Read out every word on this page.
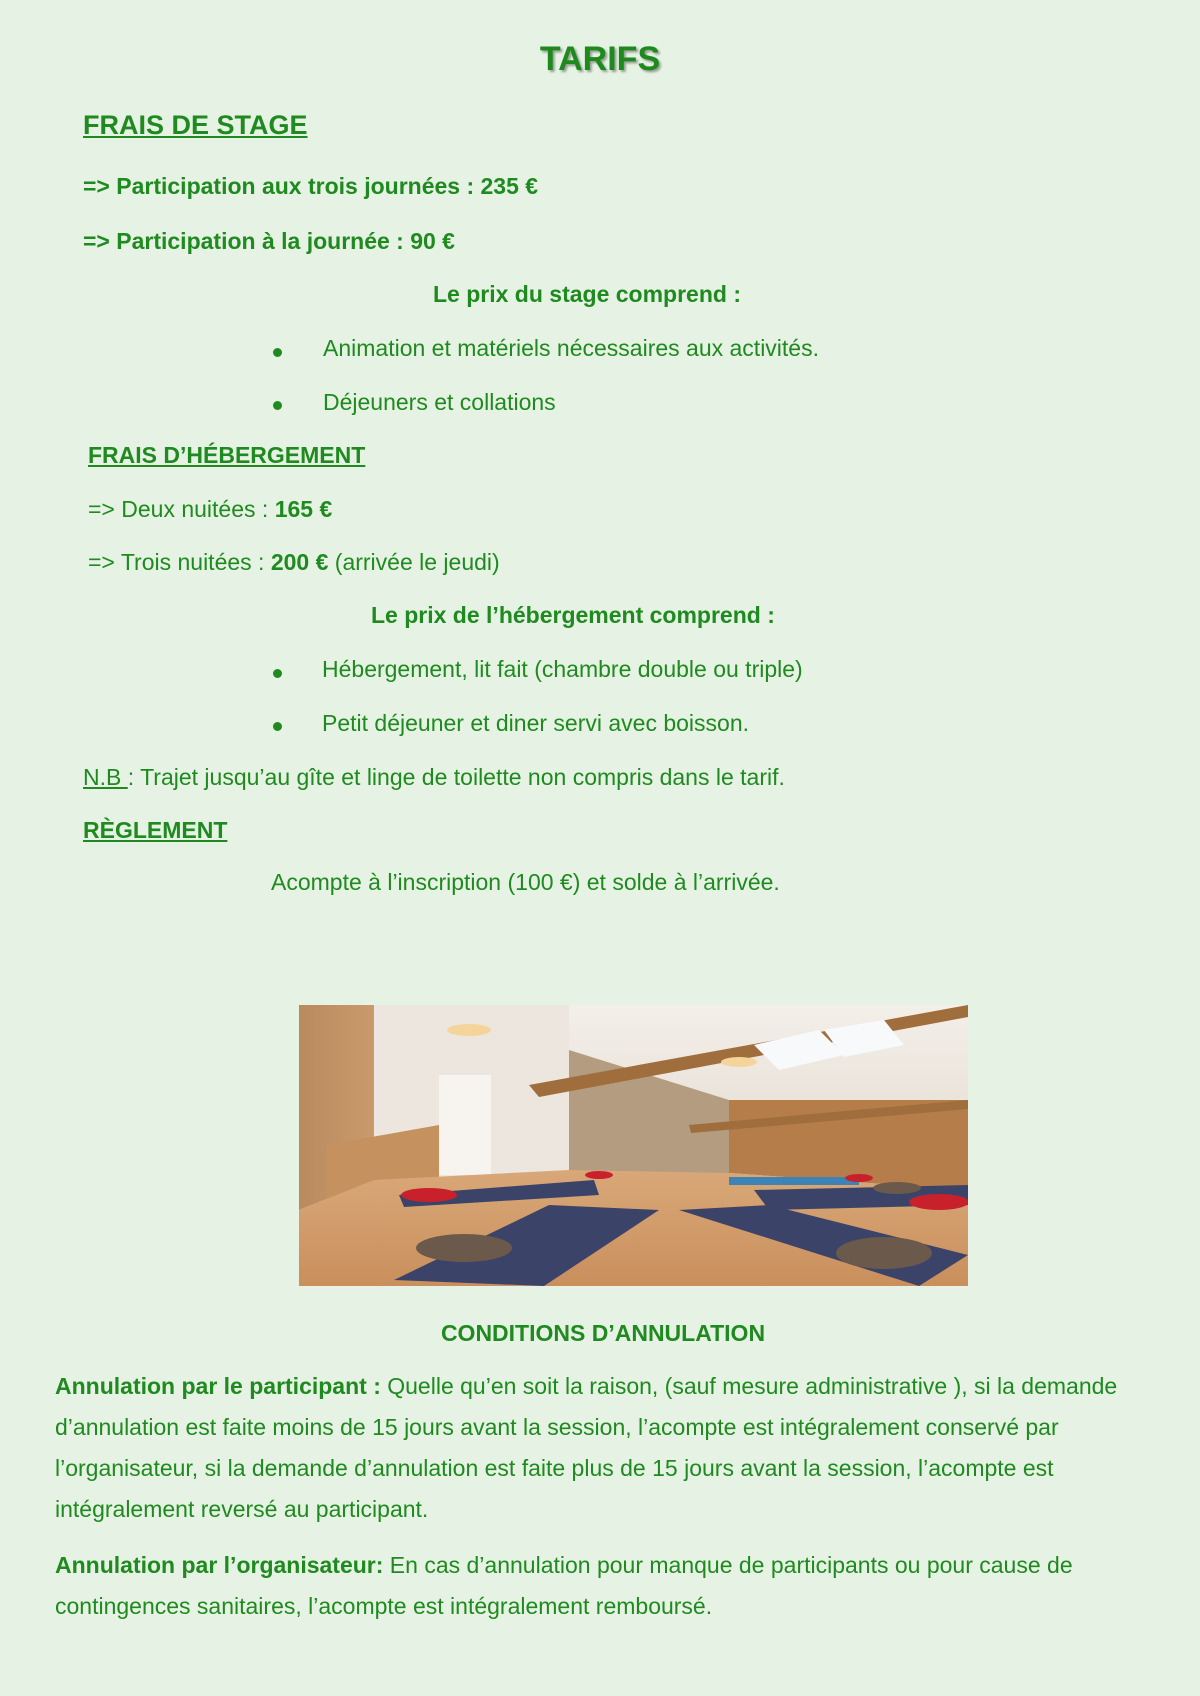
TARIFS
FRAIS DE STAGE
=> Participation aux trois journées : 235 €
=> Participation à la journée : 90 €
Le prix du stage comprend :
Animation et matériels nécessaires aux activités.
Déjeuners et collations
FRAIS D’HÉBERGEMENT
=> Deux nuitées : 165 €
=> Trois nuitées : 200 € (arrivée le jeudi)
Le prix de l’hébergement comprend :
Hébergement, lit fait (chambre double ou triple)
Petit déjeuner et diner servi avec boisson.
N.B : Trajet jusqu’au gîte et linge de toilette non compris dans le tarif.
RÈGLEMENT
Acompte à l’inscription (100 €) et solde à l’arrivée.
CONDITIONS D’ANNULATION
Annulation par le participant : Quelle qu’en soit la raison, (sauf mesure administrative ), si la demande d’annulation est faite moins de 15 jours avant la session, l’acompte est intégralement conservé par l’organisateur, si la demande d’annulation est faite plus de 15 jours avant la session, l’acompte est intégralement reversé au participant.
Annulation par l’organisateur: En cas d’annulation pour manque de participants ou pour cause de contingences sanitaires, l’acompte est intégralement remboursé.
